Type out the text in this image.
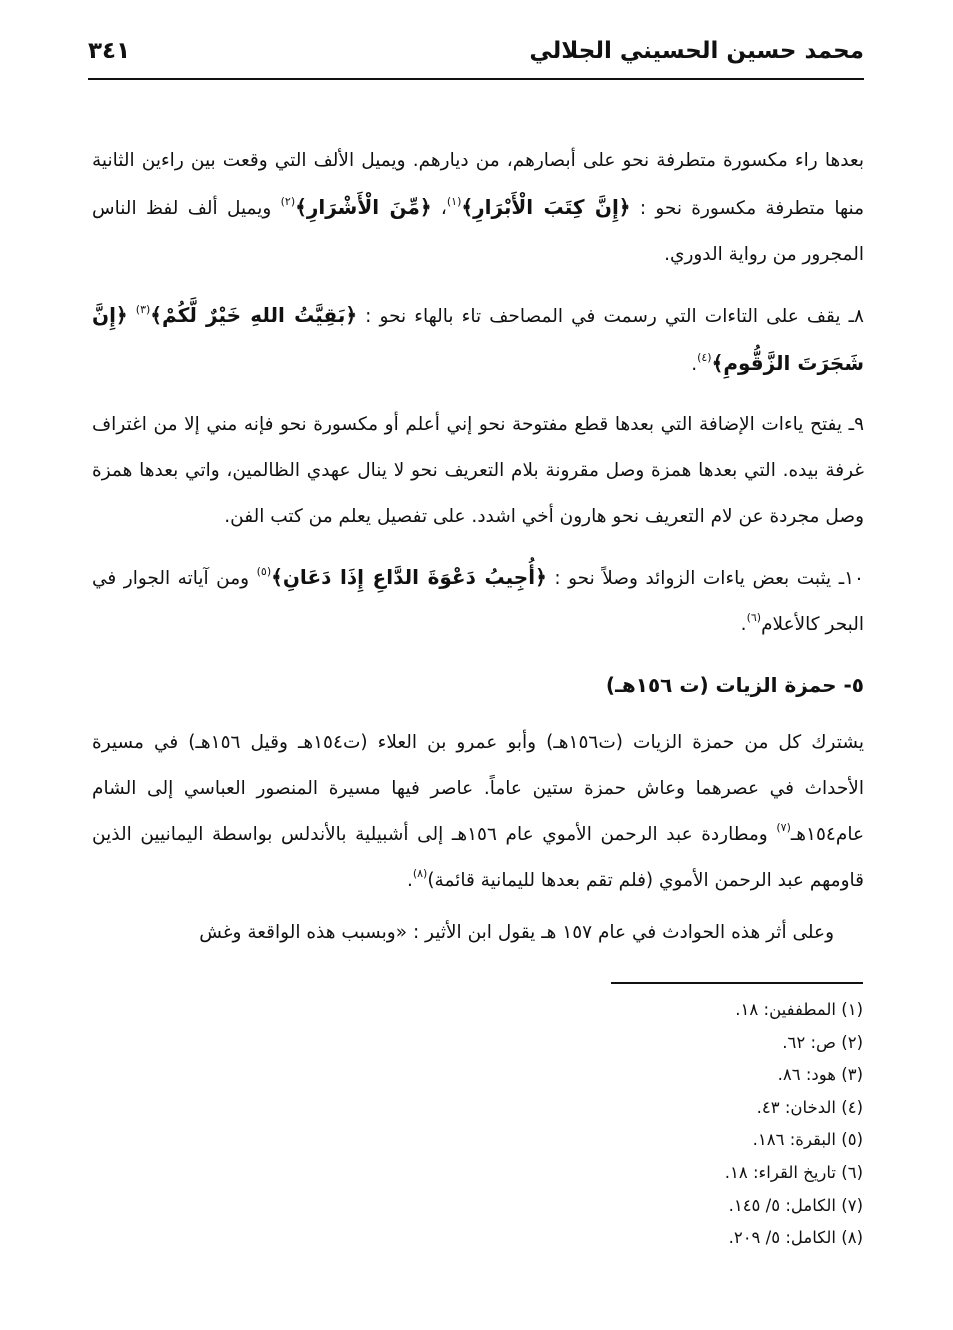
محمد حسين الحسيني الجلالي
٣٤١

بعدها راء مكسورة متطرفة نحو على أبصارهم، من ديارهم. ويميل الألف التي وقعت بين راءين الثانية منها متطرفة مكسورة نحو : ﴿إِنَّ كِتَبَ الْأَبْرَارِ﴾$^{(١)}$، ﴿مِّنَ الْأَشْرَارِ﴾$^{(٢)}$ ويميل ألف لفظ الناس المجرور من رواية الدوري.

٨ـ يقف على التاءات التي رسمت في المصاحف تاء بالهاء نحو : ﴿بَقِيَّتُ اللهِ خَيْرٌ لَّكُمْ﴾$^{(٣)}$ ﴿إِنَّ شَجَرَتَ الزَّقُّومِ﴾$^{(٤)}$.

٩ـ يفتح ياءات الإضافة التي بعدها قطع مفتوحة نحو إني أعلم أو مكسورة نحو فإنه مني إلا من اغتراف غرفة بيده. التي بعدها همزة وصل مقرونة بلام التعريف نحو لا ينال عهدي الظالمين، واتي بعدها همزة وصل مجردة عن لام التعريف نحو هارون أخي اشدد. على تفصيل يعلم من كتب الفن.

١٠ـ يثبت بعض ياءات الزوائد وصلاً نحو : ﴿أُجِيبُ دَعْوَةَ الدَّاعِ إِذَا دَعَانِ﴾$^{(٥)}$ ومن آياته الجوار في البحر كالأعلام$^{(٦)}$.

٥- حمزة الزيات (ت ١٥٦هـ)

يشترك كل من حمزة الزيات (ت١٥٦هـ) وأبو عمرو بن العلاء (ت١٥٤هـ وقيل ١٥٦هـ) في مسيرة الأحداث في عصرهما وعاش حمزة ستين عاماً. عاصر فيها مسيرة المنصور العباسي إلى الشام عام١٥٤هـ$^{(٧)}$ ومطاردة عبد الرحمن الأموي عام ١٥٦هـ إلى أشبيلية بالأندلس بواسطة اليمانيين الذين قاومهم عبد الرحمن الأموي (فلم تقم بعدها لليمانية قائمة)$^{(٨)}$.

وعلى أثر هذه الحوادث في عام ١٥٧ هـ يقول ابن الأثير : «وبسبب هذه الواقعة وغش

(١) المطففين: ١٨.
(٢) ص: ٦٢.
(٣) هود: ٨٦.
(٤) الدخان: ٤٣.
(٥) البقرة: ١٨٦.
(٦) تاريخ القراء: ١٨.
(٧) الكامل: ٥/ ١٤٥.
(٨) الكامل: ٥/ ٢٠٩.
